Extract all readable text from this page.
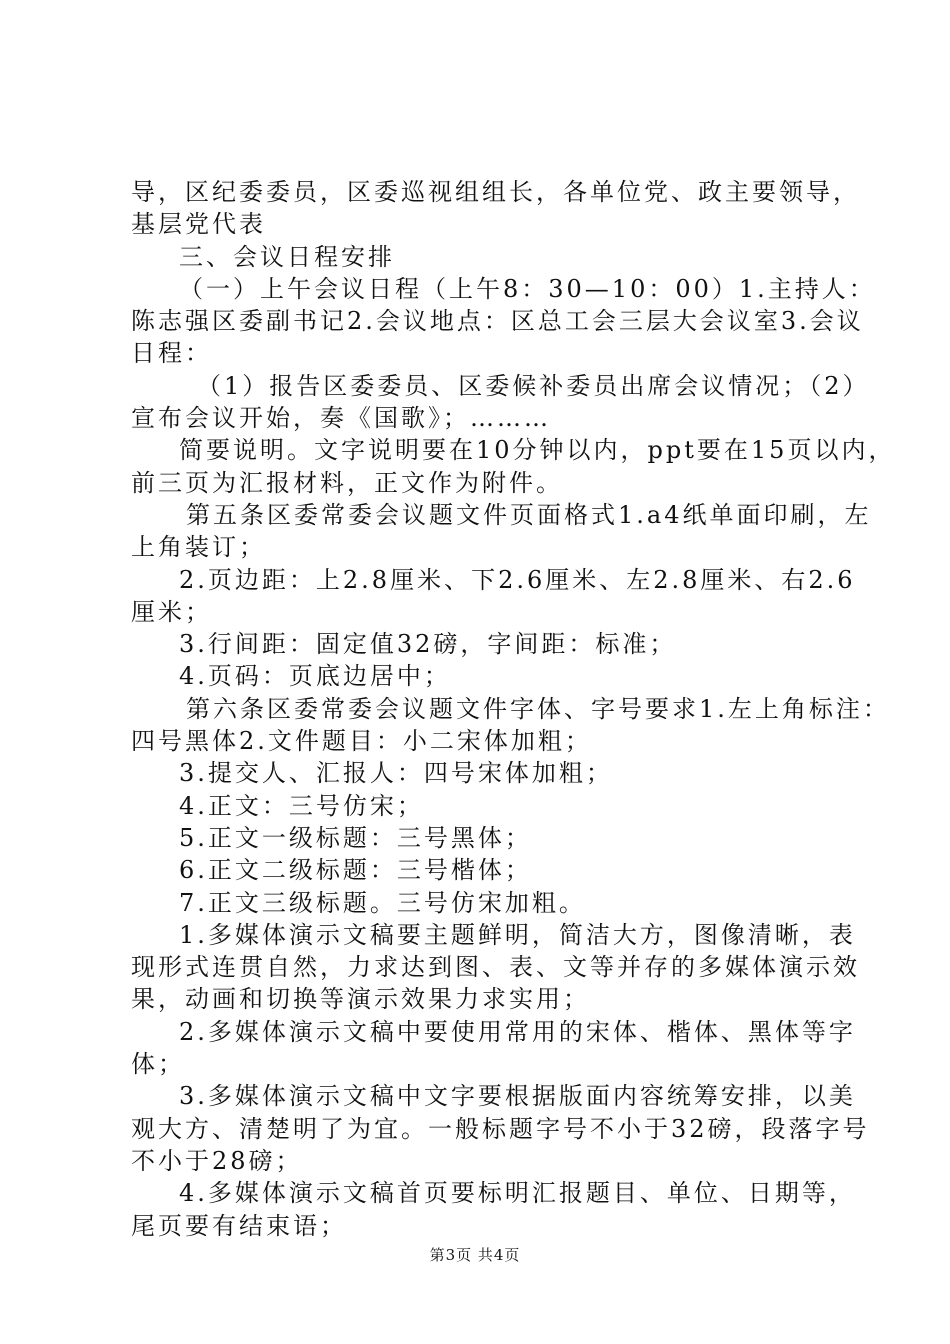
导，区纪委委员，区委巡视组组长，各单位党、政主要领导，
基层党代表
三、会议日程安排
（一）上午会议日程（上午8：30—10：00）1.主持人：
陈志强区委副书记2.会议地点：区总工会三层大会议室3.会议
日程：
（1）报告区委委员、区委候补委员出席会议情况；（2）
宣布会议开始，奏《国歌》；………
简要说明。文字说明要在10分钟以内，ppt要在15页以内，
前三页为汇报材料，正文作为附件。
第五条区委常委会议题文件页面格式1.a4纸单面印刷，左
上角装订；
2.页边距：上2.8厘米、下2.6厘米、左2.8厘米、右2.6
厘米；
3.行间距：固定值32磅，字间距：标准；
4.页码：页底边居中；
第六条区委常委会议题文件字体、字号要求1.左上角标注：
四号黑体2.文件题目：小二宋体加粗；
3.提交人、汇报人：四号宋体加粗；
4.正文：三号仿宋；
5.正文一级标题：三号黑体；
6.正文二级标题：三号楷体；
7.正文三级标题。三号仿宋加粗。
1.多媒体演示文稿要主题鲜明，简洁大方，图像清晰，表
现形式连贯自然，力求达到图、表、文等并存的多媒体演示效
果，动画和切换等演示效果力求实用；
2.多媒体演示文稿中要使用常用的宋体、楷体、黑体等字
体；
3.多媒体演示文稿中文字要根据版面内容统筹安排，以美
观大方、清楚明了为宜。一般标题字号不小于32磅，段落字号
不小于28磅；
4.多媒体演示文稿首页要标明汇报题目、单位、日期等，
尾页要有结束语；
第3页 共4页
